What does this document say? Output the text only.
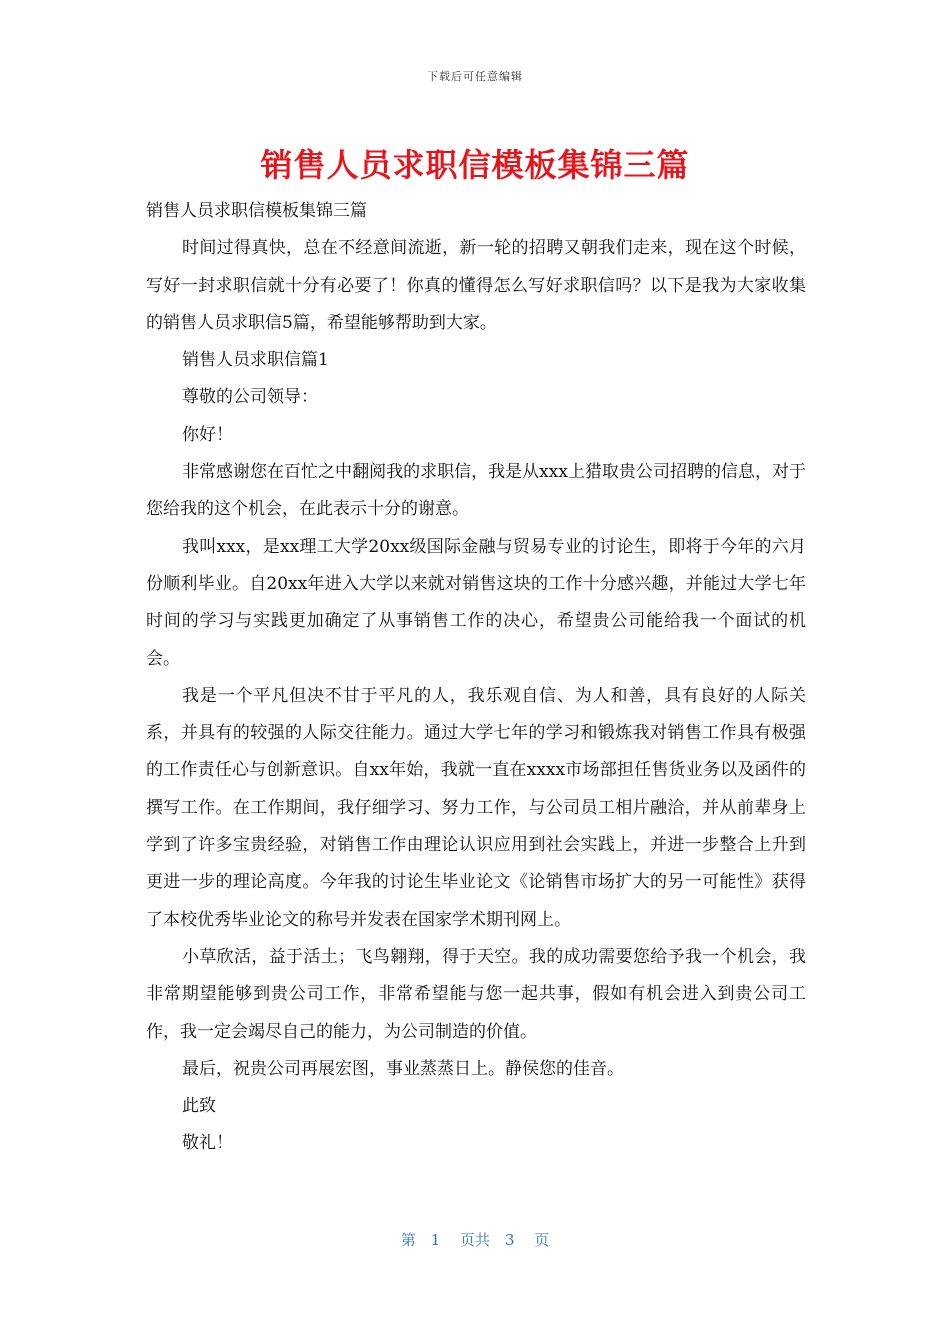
下载后可任意编辑
销售人员求职信模板集锦三篇

销售人员求职信模板集锦三篇

时间过得真快，总在不经意间流逝，新一轮的招聘又朝我们走来，现在这个时候，写好一封求职信就十分有必要了！你真的懂得怎么写好求职信吗？以下是我为大家收集的销售人员求职信5篇，希望能够帮助到大家。

销售人员求职信篇1

尊敬的公司领导：

你好！

非常感谢您在百忙之中翻阅我的求职信，我是从xxx上猎取贵公司招聘的信息，对于您给我的这个机会，在此表示十分的谢意。

我叫xxx，是xx理工大学20xx级国际金融与贸易专业的讨论生，即将于今年的六月份顺利毕业。自20xx年进入大学以来就对销售这块的工作十分感兴趣，并能过大学七年时间的学习与实践更加确定了从事销售工作的决心，希望贵公司能给我一个面试的机会。

我是一个平凡但决不甘于平凡的人，我乐观自信、为人和善，具有良好的人际关系，并具有的较强的人际交往能力。通过大学七年的学习和锻炼我对销售工作具有极强的工作责任心与创新意识。自xx年始，我就一直在xxxx市场部担任售货业务以及函件的撰写工作。在工作期间，我仔细学习、努力工作，与公司员工相片融洽，并从前辈身上学到了许多宝贵经验，对销售工作由理论认识应用到社会实践上，并进一步整合上升到更进一步的理论高度。今年我的讨论生毕业论文《论销售市场扩大的另一可能性》获得了本校优秀毕业论文的称号并发表在国家学术期刊网上。

小草欣活，益于活土；飞鸟翱翔，得于天空。我的成功需要您给予我一个机会，我非常期望能够到贵公司工作，非常希望能与您一起共事，假如有机会进入到贵公司工作，我一定会竭尽自己的能力，为公司制造的价值。

最后，祝贵公司再展宏图，事业蒸蒸日上。静侯您的佳音。

此致

敬礼！

第　1　 页共　3　 页
